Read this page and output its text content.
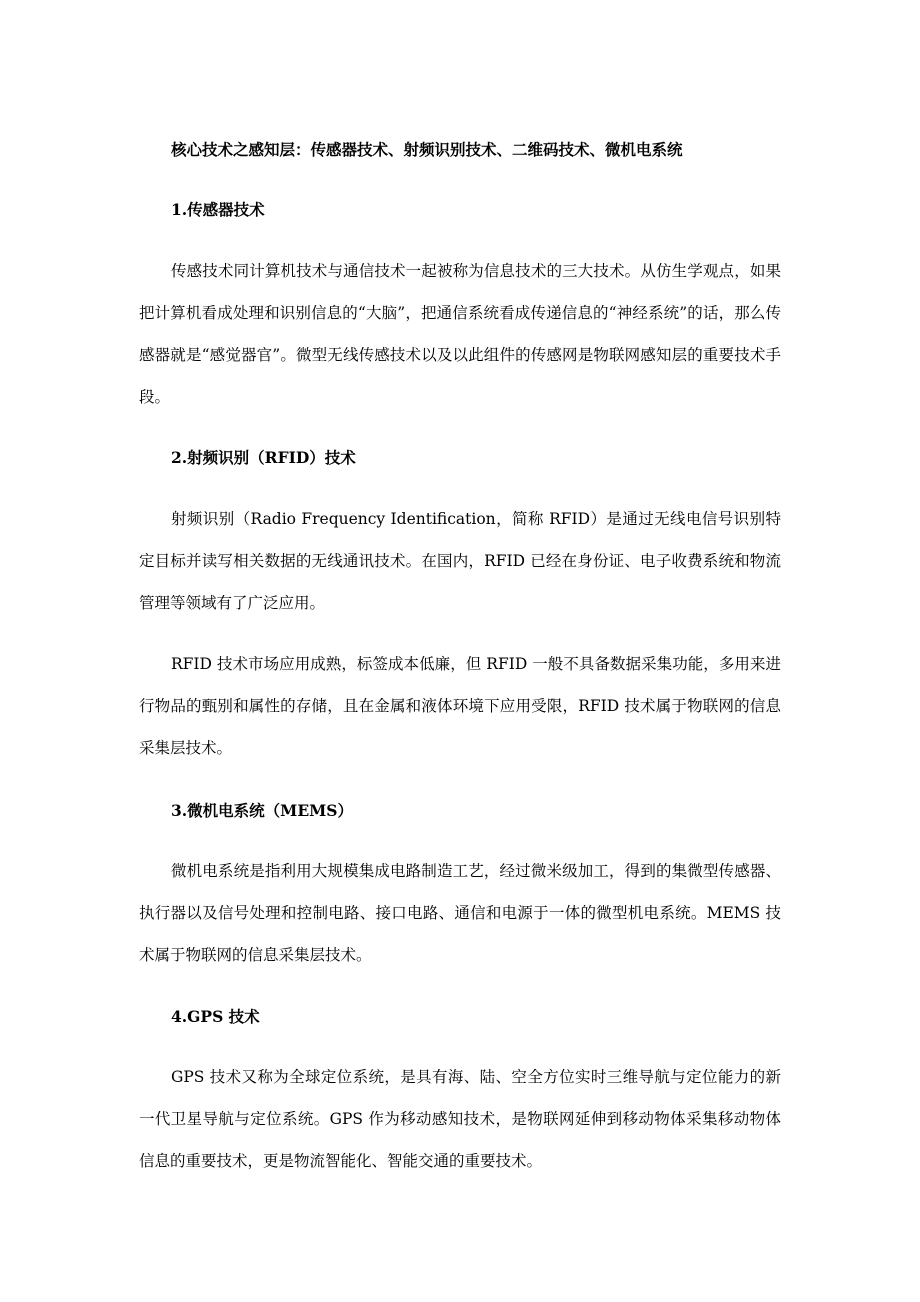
核心技术之感知层：传感器技术、射频识别技术、二维码技术、微机电系统
1.传感器技术

传感技术同计算机技术与通信技术一起被称为信息技术的三大技术。从仿生学观点，如果把计算机看成处理和识别信息的“大脑”，把通信系统看成传递信息的“神经系统”的话，那么传感器就是“感觉器官”。微型无线传感技术以及以此组件的传感网是物联网感知层的重要技术手段。

2.射频识别（RFID）技术

射频识别（Radio Frequency Identification，简称 RFID）是通过无线电信号识别特定目标并读写相关数据的无线通讯技术。在国内，RFID 已经在身份证、电子收费系统和物流管理等领域有了广泛应用。

RFID 技术市场应用成熟，标签成本低廉，但 RFID 一般不具备数据采集功能，多用来进行物品的甄别和属性的存储，且在金属和液体环境下应用受限，RFID 技术属于物联网的信息采集层技术。

3.微机电系统（MEMS）

微机电系统是指利用大规模集成电路制造工艺，经过微米级加工，得到的集微型传感器、执行器以及信号处理和控制电路、接口电路、通信和电源于一体的微型机电系统。MEMS 技术属于物联网的信息采集层技术。

4.GPS 技术

GPS 技术又称为全球定位系统，是具有海、陆、空全方位实时三维导航与定位能力的新一代卫星导航与定位系统。GPS 作为移动感知技术，是物联网延伸到移动物体采集移动物体信息的重要技术，更是物流智能化、智能交通的重要技术。
